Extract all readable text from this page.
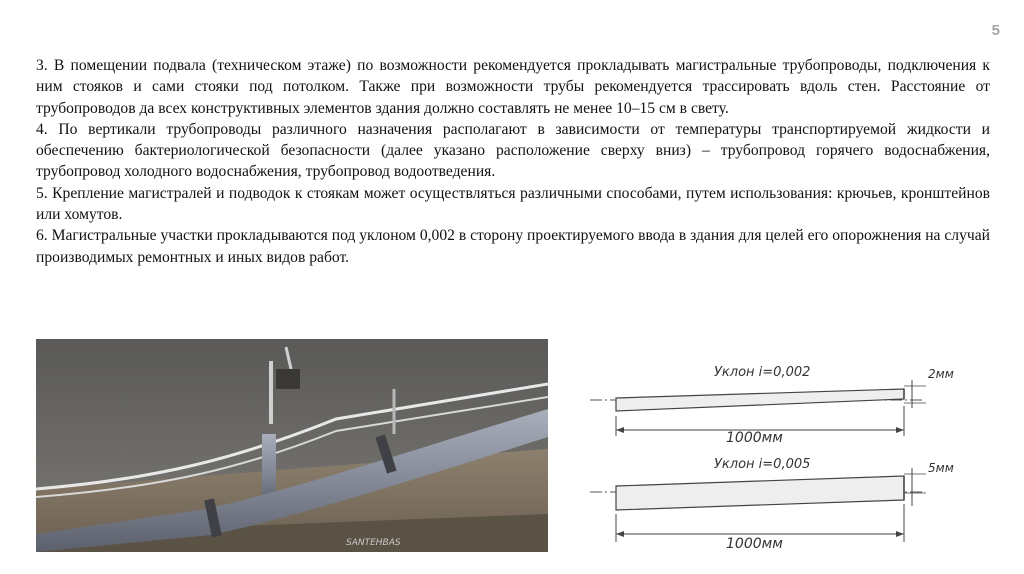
5

3. В помещении подвала (техническом этаже) по возможности рекомендуется прокладывать магистральные трубопроводы, подключения к ним стояков и сами стояки под потолком. Также при возможности трубы рекомендуется трассировать вдоль стен. Расстояние от трубопроводов да всех конструктивных элементов здания должно составлять не менее 10–15 см в свету.

4. По вертикали трубопроводы различного назначения располагают в зависимости от температуры транспортируемой жидкости и обеспечению бактериологической безопасности (далее указано расположение сверху вниз) – трубопровод горячего водоснабжения, трубопровод холодного водоснабжения, трубопровод водоотведения.

5. Крепление магистралей и подводок к стоякам может осуществляться различными способами, путем использования: крючьев, кронштейнов или хомутов.

6. Магистральные участки прокладываются под уклоном 0,002 в сторону проектируемого ввода в здания для целей его опорожнения на случай производимых ремонтных и иных видов работ.

SANTEHBAS
Уклон i=0,002	2мм
1000мм
Уклон i=0,005	5мм
1000мм
